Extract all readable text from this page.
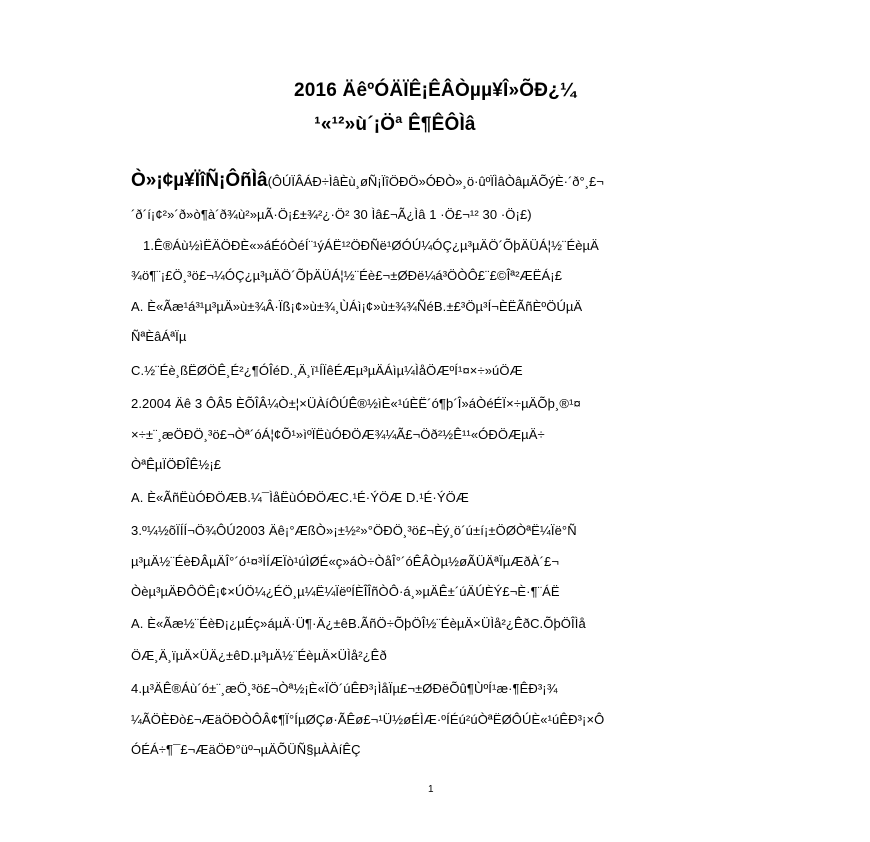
2016 ÄêºÓÄÏÊ¡ÊÂÒµµ¥Î»ÕÐ¿¼
¹«¹²»ù´¡Öª Ê¶ÊÔÌâ
Ò»¡¢µ¥ÏîÑ¡ÔñÌâ(ÔÚÏÂÁÐ÷ÌâÈù¸øÑ¡ÏîÖÐÖ»ÓÐÒ»¸ö·ûºÏÌâÒâµÄÕýÈ·´ð°¸£¬
´ð´í¡¢²»´ð»ò¶à´ð¾ù²»µÃ·Ö¡£±¾²¿·Ö² 30 Ìâ£¬Ã¿Ìâ 1 ·Ö£¬¹² 30 ·Ö¡£)
1.Ê®Áù½ìËÄÖÐÈ«»áÉóÒéÍ¨¹ýÁË¹²ÖÐÑë¹ØÓÚ¼ÓÇ¿µ³µÄÖ´ÕþÄÜÁ¦½¨ÉèµÄ
¾ö¶¨¡£Ö¸³ö£¬¼ÓÇ¿µ³µÄÖ´ÕþÄÜÁ¦½¨Éè£¬±ØÐë¼á³ÖÒÔ£¨£©Îª²ÆËÁ¡£
A. È«Ãæ¹á³¹µ³µÄ»ù±¾Â·Ïß¡¢»ù±¾¸ÙÁì¡¢»ù±¾¾ÑéB.±£³Öµ³Í¬ÈËÃñÈºÖÚµÄ
ÑªÈâÁªÏµ
C.½¨Éè¸ßËØÖÊ¸É²¿¶ÓÎéD.¸Ä¸ï¹ÍÏêÉÆµ³µÄÁìµ¼ÌåÖÆºÍ¹¤×÷»úÖÆ
2.2004 Äê 3 ÔÂ5 ÈÕÎÂ¼Ò±¦×ÜÀíÔÚÊ®½ìÈ«¹úÈË´ó¶þ´Î»áÒéÉÏ×÷µÄÕþ¸®¹¤
×÷±¨¸æÖÐÖ¸³ö£¬Òª´óÁ¦¢Õ¹»ìºÏËùÓÐÖÆ¾¼Ã£¬Öð²½Ê¹¹«ÓÐÖÆµÄ÷
ÒªÊµÏÖÐÎÊ½¡£
A. È«ÃñËùÓÐÖÆB.¼¯ÌåËùÓÐÖÆC.¹É·ÝÖÆ D.¹É·ÝÖÆ
3.º¼½õÏÍÍ¬Ö¾ÔÚ2003 Äê¡°ÆßÒ»¡±½²»°ÖÐÖ¸³ö£¬Èý¸ö´ú±í¡±ÖØÒªË¼Ïë°Ñ
µ³µÄ½¨ÉèÐÂµÄÎ°´ó¹¤³ÌÍÆÏò¹úÌØÉ«ç»áÒ÷ÒåÎ°´óÊÂÒµ½øÃÜÄªÏµÆðÀ´£¬
Òèµ³µÄÐÔÖÊ¡¢×ÚÖ¼¿ÉÖ¸µ¼Ë¼ÏëºÍÈÎÎñÒÔ·á¸»µÄÊ±´úÄÚÈÝ£¬È·¶¨ÁË
A. È«Ãæ½¨ÉèÐ¡¿µÉç»áµÄ·Ü¶·Ä¿±êB.ÃñÖ÷ÕþÖÎ½¨ÉèµÄ×ÜÌå²¿ÊðC.ÕþÖÎÌå
ÖÆ¸Ä¸ïµÄ×ÜÄ¿±êD.µ³µÄ½¨ÉèµÄ×ÜÌå²¿Êð
4.µ³ÄÊ®Áù´ó±¨¸æÖ¸³ö£¬Òª½¡È«ÏÖ´úÊÐ³¡ÌåÏµ£¬±ØÐëÕû¶ÙºÍ¹æ·¶ÊÐ³¡¾
¼ÃÖÈÐò£¬ÆäÖÐÒÔÂ¢¶Ï°ÍµØÇø·ÃÊø£¬¹Ü½øÉÌÆ·ºÍÉú²úÒªËØÔÚÈ«¹úÊÐ³¡×Ô
ÓÉÁ÷¶¯£¬ÆäÖÐ°üº¬µÄÕÜÑ§µÀÀíÊÇ
1
